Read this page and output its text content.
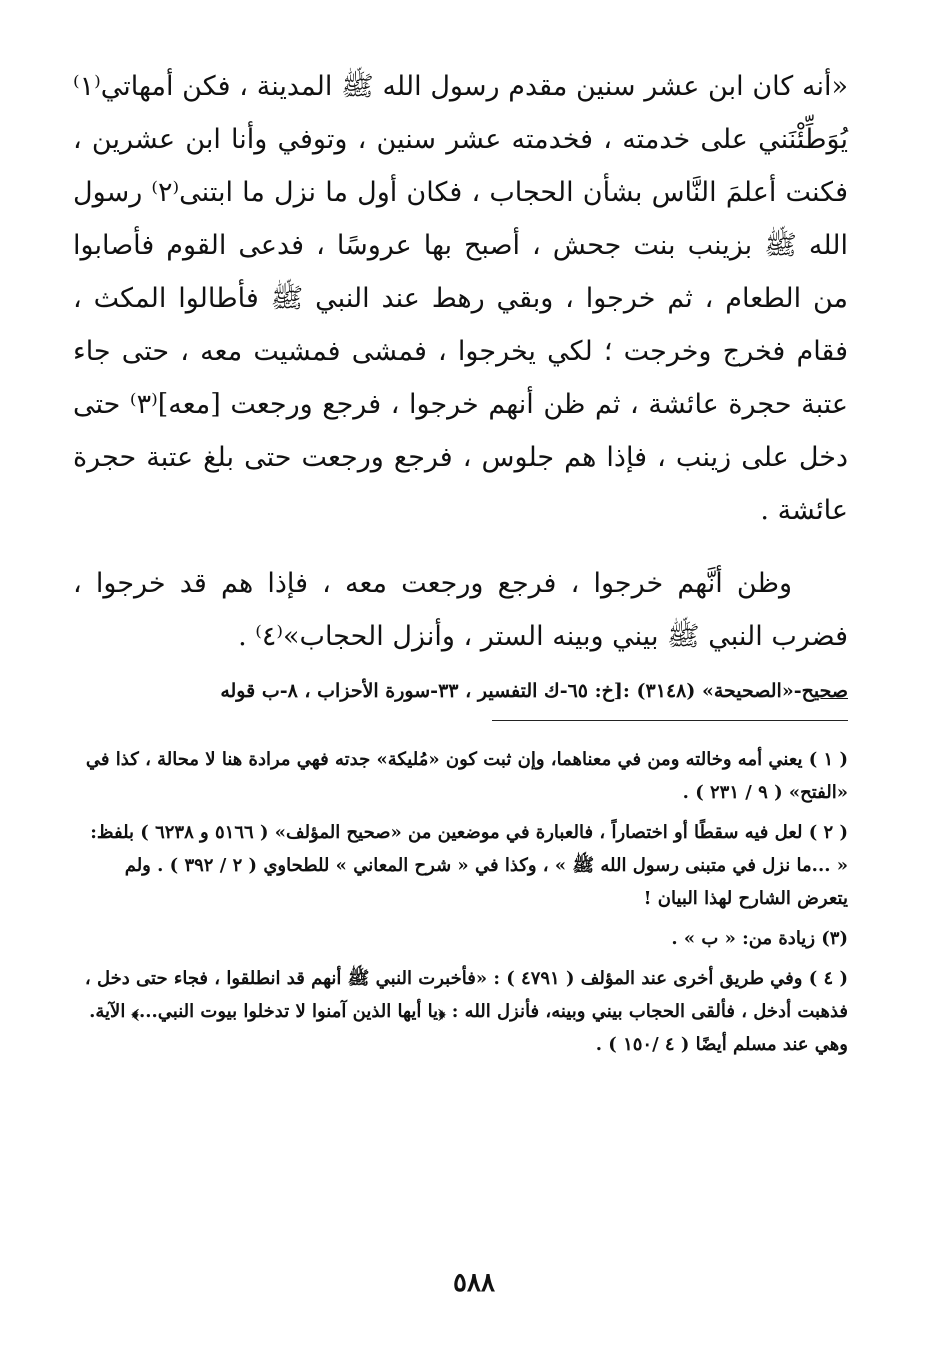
«أنه كان ابن عشر سنين مقدم رسول الله ﷺ المدينة ، فكن أمهاتي⁽١⁾ يُوَطِّئْنَني على خدمته ، فخدمته عشر سنين ، وتوفي وأنا ابن عشرين ، فكنت أعلمَ النَّاس بشأن الحجاب ، فكان أول ما نزل ما ابتنى⁽٢⁾ رسول الله ﷺ بزينب بنت جحش ، أصبح بها عروسًا ، فدعى القوم فأصابوا من الطعام ، ثم خرجوا ، وبقي رهط عند النبي ﷺ فأطالوا المكث ، فقام فخرج وخرجت ؛ لكي يخرجوا ، فمشى فمشيت معه ، حتى جاء عتبة حجرة عائشة ، ثم ظن أنهم خرجوا ، فرجع ورجعت [معه]⁽٣⁾ حتى دخل على زينب ، فإذا هم جلوس ، فرجع ورجعت حتى بلغ عتبة حجرة عائشة .

وظن أنَّهم خرجوا ، فرجع ورجعت معه ، فإذا هم قد خرجوا ، فضرب النبي ﷺ بيني وبينه الستر ، وأنزل الحجاب»⁽٤⁾ .

صحيح-«الصحيحة» (٣١٤٨) :[خ: ٦٥-ك التفسير ، ٣٣-سورة الأحزاب ، ٨-ب قوله

( ١ ) يعني أمه وخالته ومن في معناهما، وإن ثبت كون «مُليكة» جدته فهي مرادة هنا لا محالة ، كذا في «الفتح» ( ٩ / ٢٣١ ) .

( ٢ ) لعل فيه سقطًا أو اختصاراً ، فالعبارة في موضعين من «صحيح المؤلف» ( ٥١٦٦ و ٦٢٣٨ ) بلفظ: « ...ما نزل في متبنى رسول الله ﷺ » ، وكذا في « شرح المعاني » للطحاوي ( ٢ / ٣٩٢ ) . ولم يتعرض الشارح لهذا البيان !

(٣) زيادة من: « ب » .

( ٤ ) وفي طريق أخرى عند المؤلف ( ٤٧٩١ ) : «فأخبرت النبي ﷺ أنهم قد انطلقوا ، فجاء حتى دخل ، فذهبت أدخل ، فألقى الحجاب بيني وبينه، فأنزل الله : ﴿يا أيها الذين آمنوا لا تدخلوا بيوت النبي...﴾ الآية. وهي عند مسلم أيضًا ( ٤ /١٥٠ ) .

٥٨٨
